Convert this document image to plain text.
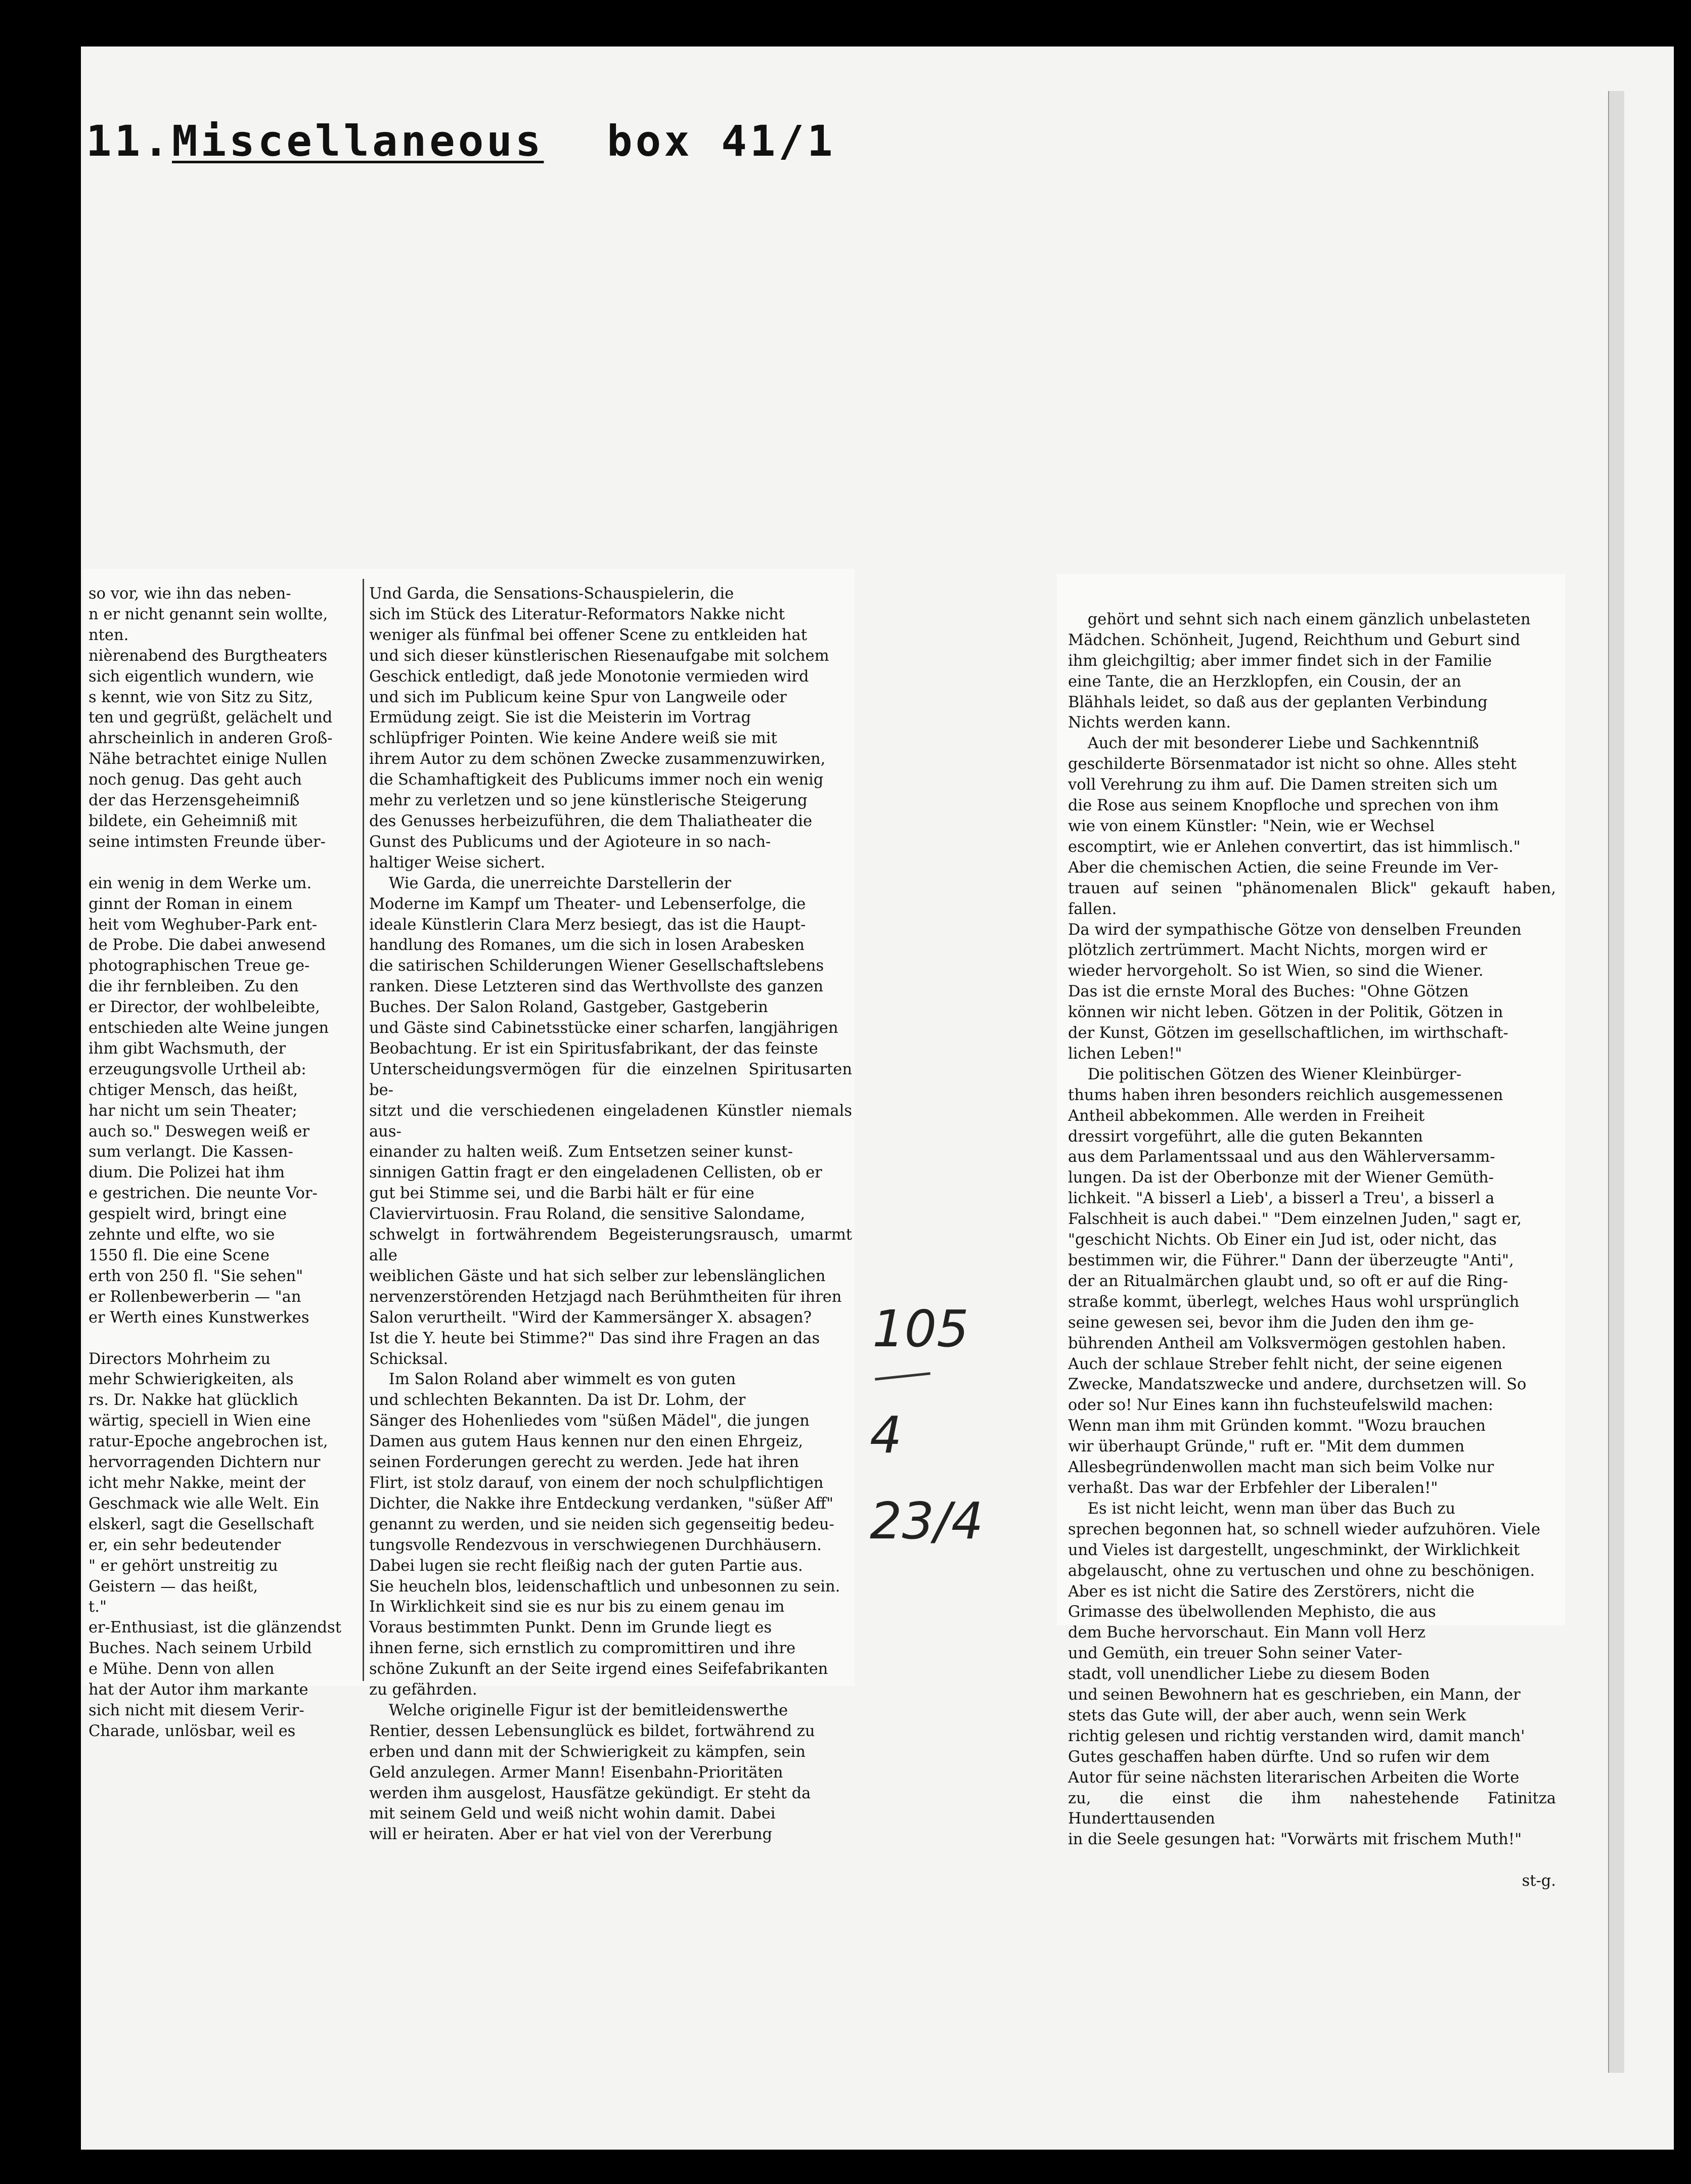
11. Miscellaneous box 41/1
so vor, wie ihn das neben-
n er nicht genannt sein wollte,
nten.
nièrenabend des Burgtheaters
sich eigentlich wundern, wie
s kennt, wie von Sitz zu Sitz,
ten und gegrüßt, gelächelt und
ahrscheinlich in anderen Groß-
Nähe betrachtet einige Nullen
noch genug. Das geht auch
der das Herzensgeheimniß
bildete, ein Geheimniß mit
seine intimsten Freunde über-

ein wenig in dem Werke um.
ginnt der Roman in einem
heit vom Weghuber-Park ent-
de Probe. Die dabei anwesend
photographischen Treue ge-
die ihr fernbleiben. Zu den
er Director, der wohlbeleibte,
entschieden alte Weine jungen
ihm gibt Wachsmuth, der
erzeugungsvolle Urtheil ab:
chtiger Mensch, das heißt,
har nicht um sein Theater;
auch so." Deswegen weiß er
sum verlangt. Die Kassen-
dium. Die Polizei hat ihm
e gestrichen. Die neunte Vor-
gespielt wird, bringt eine
zehnte und elfte, wo sie
1550 fl. Die eine Scene
erth von 250 fl. "Sie sehen"
er Rollenbewerberin — "an
er Werth eines Kunstwerkes

Directors Mohrheim zu
mehr Schwierigkeiten, als
rs. Dr. Nakke hat glücklich
wärtig, speciell in Wien eine
ratur-Epoche angebrochen ist,
hervorragenden Dichtern nur
icht mehr Nakke, meint der
Geschmack wie alle Welt. Ein
elskerl, sagt die Gesellschaft
er, ein sehr bedeutender
" er gehört unstreitig zu
Geistern — das heißt,
t."
er-Enthusiast, ist die glänzendst
Buches. Nach seinem Urbild
e Mühe. Denn von allen
hat der Autor ihm markante
sich nicht mit diesem Verir-
Charade, unlösbar, weil es
Und Garda, die Sensations-Schauspielerin, die
sich im Stück des Literatur-Reformators Nakke nicht
weniger als fünfmal bei offener Scene zu entkleiden hat
und sich dieser künstlerischen Riesenaufgabe mit solchem
Geschick entledigt, daß jede Monotonie vermieden wird
und sich im Publicum keine Spur von Langweile oder
Ermüdung zeigt. Sie ist die Meisterin im Vortrag
schlüpfriger Pointen. Wie keine Andere weiß sie mit
ihrem Autor zu dem schönen Zwecke zusammenzuwirken,
die Schamhaftigkeit des Publicums immer noch ein wenig
mehr zu verletzen und so jene künstlerische Steigerung
des Genusses herbeizuführen, die dem Thaliatheater die
Gunst des Publicums und der Agioteure in so nach-
haltiger Weise sichert.
Wie Garda, die unerreichte Darstellerin der
Moderne im Kampf um Theater- und Lebenserfolge, die
ideale Künstlerin Clara Merz besiegt, das ist die Haupt-
handlung des Romanes, um die sich in losen Arabesken
die satirischen Schilderungen Wiener Gesellschaftslebens
ranken. Diese Letzteren sind das Werthvollste des ganzen
Buches. Der Salon Roland, Gastgeber, Gastgeberin
und Gäste sind Cabinetsstücke einer scharfen, langjährigen
Beobachtung. Er ist ein Spiritusfabrikant, der das feinste
Unterscheidungsvermögen für die einzelnen Spiritusarten be-
sitzt und die verschiedenen eingeladenen Künstler niemals aus-
einander zu halten weiß. Zum Entsetzen seiner kunst-
sinnigen Gattin fragt er den eingeladenen Cellisten, ob er
gut bei Stimme sei, und die Barbi hält er für eine
Claviervirtuosin. Frau Roland, die sensitive Salondame,
schwelgt in fortwährendem Begeisterungsrausch, umarmt alle
weiblichen Gäste und hat sich selber zur lebenslänglichen
nervenzerstörenden Hetzjagd nach Berühmtheiten für ihren
Salon verurtheilt. "Wird der Kammersänger X. absagen?
Ist die Y. heute bei Stimme?" Das sind ihre Fragen an das
Schicksal.
Im Salon Roland aber wimmelt es von guten
und schlechten Bekannten. Da ist Dr. Lohm, der
Sänger des Hohenliedes vom "süßen Mädel", die jungen
Damen aus gutem Haus kennen nur den einen Ehrgeiz,
seinen Forderungen gerecht zu werden. Jede hat ihren
Flirt, ist stolz darauf, von einem der noch schulpflichtigen
Dichter, die Nakke ihre Entdeckung verdanken, "süßer Aff"
genannt zu werden, und sie neiden sich gegenseitig bedeu-
tungsvolle Rendezvous in verschwiegenen Durchhäusern.
Dabei lugen sie recht fleißig nach der guten Partie aus.
Sie heucheln blos, leidenschaftlich und unbesonnen zu sein.
In Wirklichkeit sind sie es nur bis zu einem genau im
Voraus bestimmten Punkt. Denn im Grunde liegt es
ihnen ferne, sich ernstlich zu compromittiren und ihre
schöne Zukunft an der Seite irgend eines Seifefabrikanten
zu gefährden.
Welche originelle Figur ist der bemitleidenswerthe
Rentier, dessen Lebensunglück es bildet, fortwährend zu
erben und dann mit der Schwierigkeit zu kämpfen, sein
Geld anzulegen. Armer Mann! Eisenbahn-Prioritäten
werden ihm ausgelost, Hausfätze gekündigt. Er steht da
mit seinem Geld und weiß nicht wohin damit. Dabei
will er heiraten. Aber er hat viel von der Vererbung

gehört und sehnt sich nach einem gänzlich unbelasteten
Mädchen. Schönheit, Jugend, Reichthum und Geburt sind
ihm gleichgiltig; aber immer findet sich in der Familie
eine Tante, die an Herzklopfen, ein Cousin, der an
Blähhals leidet, so daß aus der geplanten Verbindung
Nichts werden kann.
Auch der mit besonderer Liebe und Sachkenntniß
geschilderte Börsenmatador ist nicht so ohne. Alles steht
voll Verehrung zu ihm auf. Die Damen streiten sich um
die Rose aus seinem Knopfloche und sprechen von ihm
wie von einem Künstler: "Nein, wie er Wechsel
escomptirt, wie er Anlehen convertirt, das ist himmlisch."
Aber die chemischen Actien, die seine Freunde im Ver-
trauen auf seinen "phänomenalen Blick" gekauft haben, fallen.
Da wird der sympathische Götze von denselben Freunden
plötzlich zertrümmert. Macht Nichts, morgen wird er
wieder hervorgeholt. So ist Wien, so sind die Wiener.
Das ist die ernste Moral des Buches: "Ohne Götzen
können wir nicht leben. Götzen in der Politik, Götzen in
der Kunst, Götzen im gesellschaftlichen, im wirthschaft-
lichen Leben!"
Die politischen Götzen des Wiener Kleinbürger-
thums haben ihren besonders reichlich ausgemessenen
Antheil abbekommen. Alle werden in Freiheit
dressirt vorgeführt, alle die guten Bekannten
aus dem Parlamentssaal und aus den Wählerversamm-
lungen. Da ist der Oberbonze mit der Wiener Gemüth-
lichkeit. "A bisserl a Lieb', a bisserl a Treu', a bisserl a
Falschheit is auch dabei." "Dem einzelnen Juden," sagt er,
"geschicht Nichts. Ob Einer ein Jud ist, oder nicht, das
bestimmen wir, die Führer." Dann der überzeugte "Anti",
der an Ritualmärchen glaubt und, so oft er auf die Ring-
straße kommt, überlegt, welches Haus wohl ursprünglich
seine gewesen sei, bevor ihm die Juden den ihm ge-
bührenden Antheil am Volksvermögen gestohlen haben.
Auch der schlaue Streber fehlt nicht, der seine eigenen
Zwecke, Mandatszwecke und andere, durchsetzen will. So
oder so! Nur Eines kann ihn fuchsteufelswild machen:
Wenn man ihm mit Gründen kommt. "Wozu brauchen
wir überhaupt Gründe," ruft er. "Mit dem dummen
Allesbegründenwollen macht man sich beim Volke nur
verhaßt. Das war der Erbfehler der Liberalen!"
Es ist nicht leicht, wenn man über das Buch zu
sprechen begonnen hat, so schnell wieder aufzuhören. Viele
und Vieles ist dargestellt, ungeschminkt, der Wirklichkeit
abgelauscht, ohne zu vertuschen und ohne zu beschönigen.
Aber es ist nicht die Satire des Zerstörers, nicht die
Grimasse des übelwollenden Mephisto, die aus
dem Buche hervorschaut. Ein Mann voll Herz
und Gemüth, ein treuer Sohn seiner Vater-
stadt, voll unendlicher Liebe zu diesem Boden
und seinen Bewohnern hat es geschrieben, ein Mann, der
stets das Gute will, der aber auch, wenn sein Werk
richtig gelesen und richtig verstanden wird, damit manch'
Gutes geschaffen haben dürfte. Und so rufen wir dem
Autor für seine nächsten literarischen Arbeiten die Worte
zu, die einst die ihm nahestehende Fatinitza Hunderttausenden
in die Seele gesungen hat: "Vorwärts mit frischem Muth!"

st-g.

105
4
23/4
